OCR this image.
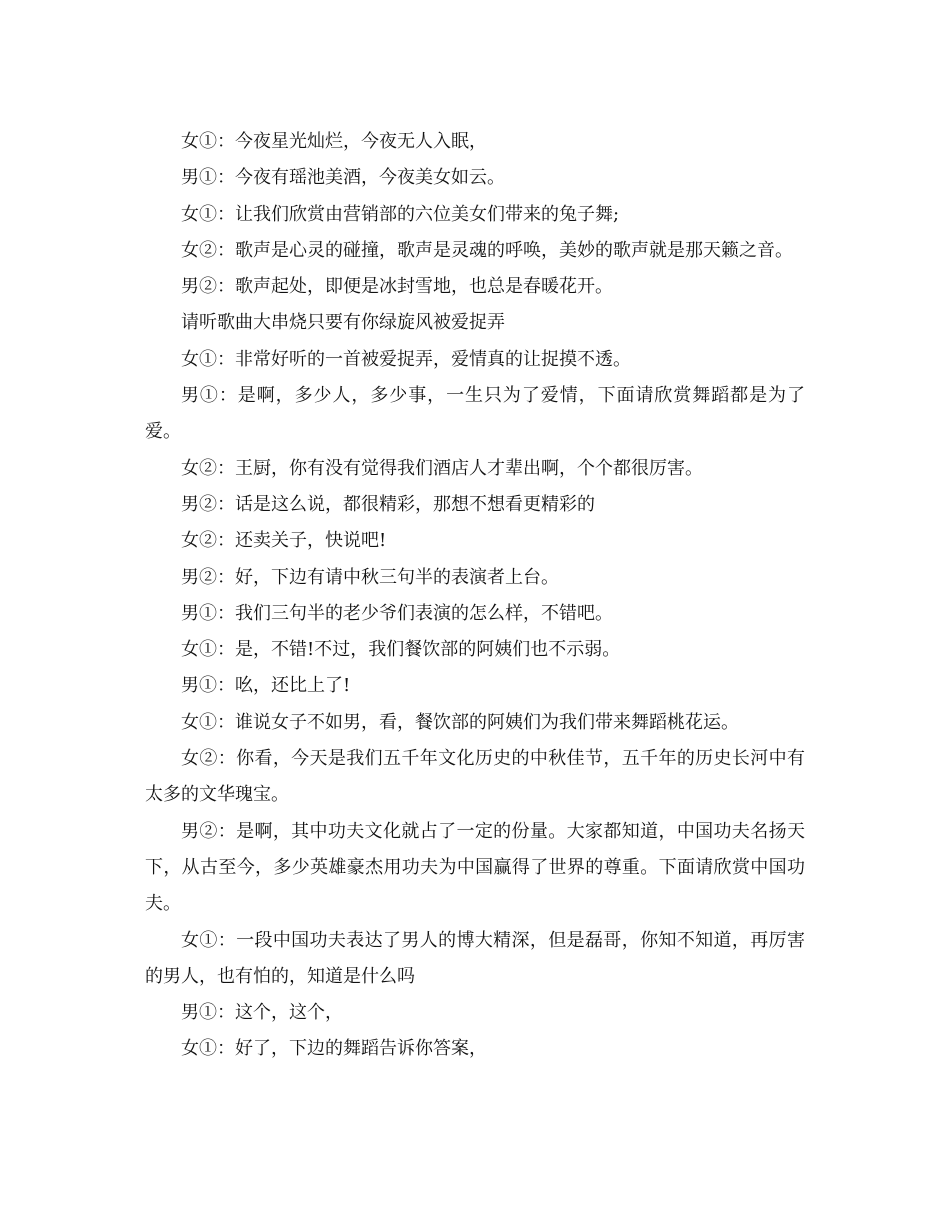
女①：今夜星光灿烂，今夜无人入眠，

男①：今夜有瑶池美酒，今夜美女如云。

女①：让我们欣赏由营销部的六位美女们带来的兔子舞;

女②：歌声是心灵的碰撞，歌声是灵魂的呼唤，美妙的歌声就是那天籁之音。

男②：歌声起处，即便是冰封雪地，也总是春暖花开。

请听歌曲大串烧只要有你绿旋风被爱捉弄

女①：非常好听的一首被爱捉弄，爱情真的让捉摸不透。

男①：是啊，多少人，多少事，一生只为了爱情，下面请欣赏舞蹈都是为了爱。

女②：王厨，你有没有觉得我们酒店人才辈出啊，个个都很厉害。

男②：话是这么说，都很精彩，那想不想看更精彩的

女②：还卖关子，快说吧!

男②：好，下边有请中秋三句半的表演者上台。

男①：我们三句半的老少爷们表演的怎么样，不错吧。

女①：是，不错!不过，我们餐饮部的阿姨们也不示弱。

男①：吆，还比上了!

女①：谁说女子不如男，看，餐饮部的阿姨们为我们带来舞蹈桃花运。

女②：你看，今天是我们五千年文化历史的中秋佳节，五千年的历史长河中有太多的文华瑰宝。

男②：是啊，其中功夫文化就占了一定的份量。大家都知道，中国功夫名扬天下，从古至今，多少英雄豪杰用功夫为中国赢得了世界的尊重。下面请欣赏中国功夫。

女①：一段中国功夫表达了男人的博大精深，但是磊哥，你知不知道，再厉害的男人，也有怕的，知道是什么吗

男①：这个，这个，

女①：好了，下边的舞蹈告诉你答案，
